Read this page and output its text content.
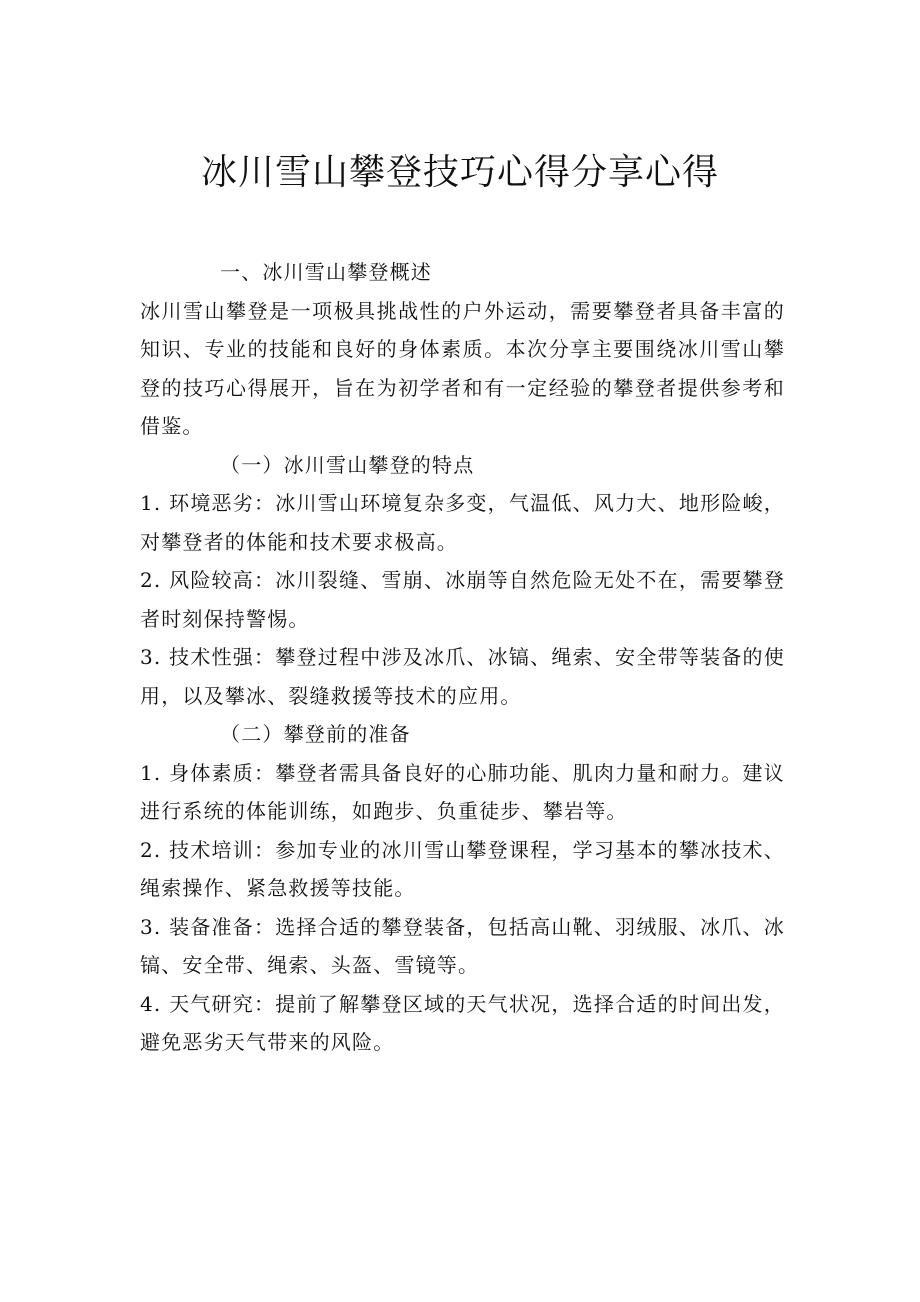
冰川雪山攀登技巧心得分享心得

一、冰川雪山攀登概述

冰川雪山攀登是一项极具挑战性的户外运动，需要攀登者具备丰富的知识、专业的技能和良好的身体素质。本次分享主要围绕冰川雪山攀登的技巧心得展开，旨在为初学者和有一定经验的攀登者提供参考和借鉴。

（一）冰川雪山攀登的特点

1. 环境恶劣：冰川雪山环境复杂多变，气温低、风力大、地形险峻，对攀登者的体能和技术要求极高。

2. 风险较高：冰川裂缝、雪崩、冰崩等自然危险无处不在，需要攀登者时刻保持警惕。

3. 技术性强：攀登过程中涉及冰爪、冰镐、绳索、安全带等装备的使用，以及攀冰、裂缝救援等技术的应用。

（二）攀登前的准备

1. 身体素质：攀登者需具备良好的心肺功能、肌肉力量和耐力。建议进行系统的体能训练，如跑步、负重徒步、攀岩等。

2. 技术培训：参加专业的冰川雪山攀登课程，学习基本的攀冰技术、绳索操作、紧急救援等技能。

3. 装备准备：选择合适的攀登装备，包括高山靴、羽绒服、冰爪、冰镐、安全带、绳索、头盔、雪镜等。

4. 天气研究：提前了解攀登区域的天气状况，选择合适的时间出发，避免恶劣天气带来的风险。
